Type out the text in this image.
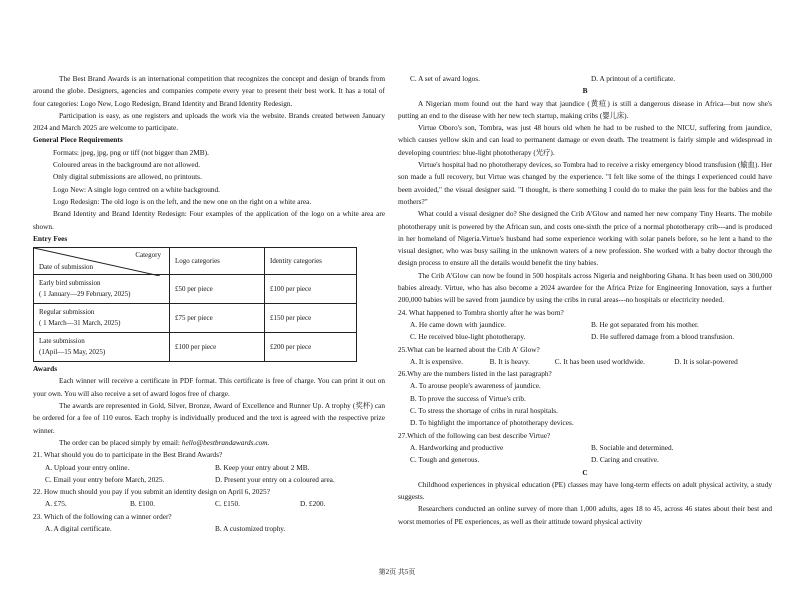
The Best Brand Awards is an international competition that recognizes the concept and design of brands from around the globe. Designers, agencies and companies compete every year to present their best work. It has a total of four categories: Logo New, Logo Redesign, Brand Identity and Brand Identity Redesign.

Participation is easy, as one registers and uploads the work via the website. Brands created between January 2024 and March 2025 are welcome to participate.

General Piece Requirements

Formats: jpeg, jpg, png or tiff (not bigger than 2MB).

Coloured areas in the background are not allowed.

Only digital submissions are allowed, no printouts.

Logo New: A single logo centred on a white background.

Logo Redesign: The old logo is on the left, and the new one on the right on a white area.

Brand Identity and Brand Identity Redesign: Four examples of the application of the logo on a white area are shown.

Entry Fees
Category
Date of submission	Logo categories	Identity categories
Early bird submission
( 1 January—29 February, 2025)	£50 per piece	£100 per piece
Regular submission
( 1 March—31 March, 2025)	£75 per piece	£150 per piece
Late submission
(1Apil—15 May, 2025)	£100 per piece	£200 per piece
Awards

Each winner will receive a certificate in PDF format. This certificate is free of charge. You can print it out on your own. You will also receive a set of award logos free of charge.

The awards are represented in Gold, Silver, Bronze, Award of Excellence and Runner Up. A trophy (奖杯) can be ordered for a fee of 110 euros. Each trophy is individually produced and the text is agreed with the respective prize winner.

The order can be placed simply by email: hello@bestbrandawards.com.

21. What should you do to participate in the Best Brand Awards?

A. Upload your entry online.	B. Keep your entry about 2 MB.
C. Email your entry before March, 2025.	D. Present your entry on a coloured area.

22. How much should you pay if you submit an identity design on April 6, 2025?

A. £75.	B. £100.	C. £150.	D. £200.

23. Which of the following can a winner order?

A. A digital certificate.	B. A customized trophy.
C. A set of award logos.	D. A printout of a certificate.

B

A Nigerian mom found out the hard way that jaundice (黄疸) is still a dangerous disease in Africa—but now she's putting an end to the disease with her new tech startup, making cribs (婴儿床).

Virtue Oboro's son, Tombra, was just 48 hours old when he had to be rushed to the NICU, suffering from jaundice, which causes yellow skin and can lead to permanent damage or even death. The treatment is fairly simple and widespread in developing countries: blue-light phototherapy (光疗).

Virtue's hospital had no phototherapy devices, so Tombra had to receive a risky emergency blood transfusion (输血). Her son made a full recovery, but Virtue was changed by the experience. "I felt like some of the things I experienced could have been avoided," the visual designer said. "I thought, is there something I could do to make the pain less for the babies and the mothers?"

What could a visual designer do? She designed the Crib A'Glow and named her new company Tiny Hearts. The mobile phototherapy unit is powered by the African sun, and costs one-sixth the price of a normal phototherapy crib---and is produced in her homeland of Nigeria.Virtue's husband had some experience working with solar panels before, so he lent a hand to the visual designer, who was busy sailing in the unknown waters of a new profession. She worked with a baby doctor through the design process to ensure all the details would benefit the tiny babies.

The Crib A'Glow can now be found in 500 hospitals across Nigeria and neighboring Ghana. It has been used on 300,000 babies already. Virtue, who has also become a 2024 awardee for the Africa Prize for Engineering Innovation, says a further 200,000 babies will be saved from jaundice by using the cribs in rural areas---no hospitals or electricity needed.

24. What happened to Tombra shortly after he was born?

A. He came down with jaundice.	B. He got separated from his mother.
C. He received blue-light phototherapy.	D. He suffered damage from a blood transfusion.

25.What can be learned about the Crib A' Glow?

A. It is expensive.	B. It is heavy.	C. It has been used worldwide.	D. It is solar-powered

26.Why are the numbers listed in the last paragraph?

A. To arouse people's awareness of jaundice.

B. To prove the success of Virtue's crib.

C. To stress the shortage of cribs in rural hospitals.

D. To highlight the importance of phototherapy devices.

27.Which of the following can best describe Virtue?

A. Hardworking and productive	B. Sociable and determined.
C. Tough and generous.	D. Caring and creative.

C

Childhood experiences in physical education (PE) classes may have long-term effects on adult physical activity, a study suggests.

Researchers conducted an online survey of more than 1,000 adults, ages 18 to 45, across 46 states about their best and worst memories of PE experiences, as well as their attitude toward physical activity

第2页 共5页
